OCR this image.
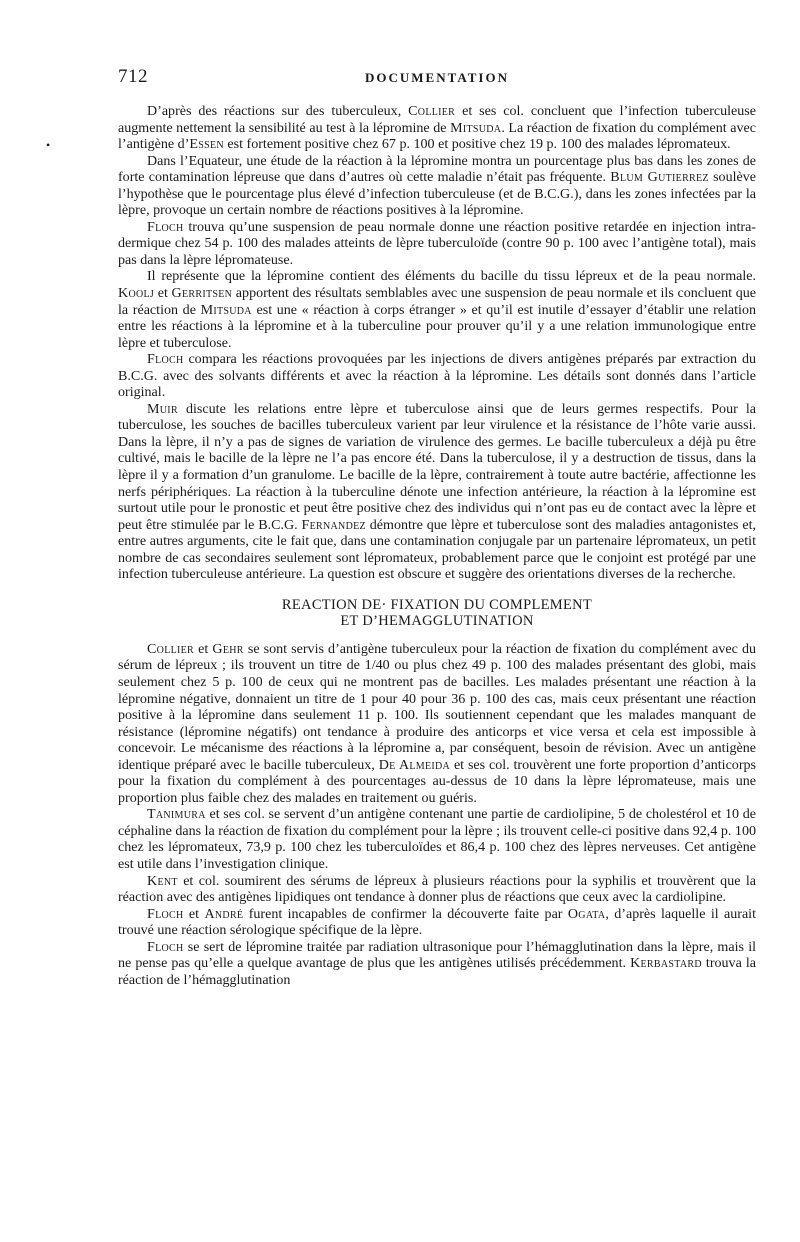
712	DOCUMENTATION
•

D’après des réactions sur des tuberculeux, Collier et ses col. concluent que l’infection tuberculeuse augmente nettement la sensibilité au test à la lépromine de Mitsuda. La réaction de fixation du complément avec l’antigène d’Essen est fortement positive chez 67 p. 100 et positive chez 19 p. 100 des malades lépromateux.

Dans l’Equateur, une étude de la réaction à la lépromine montra un pourcentage plus bas dans les zones de forte contamination lépreuse que dans d’autres où cette maladie n’était pas fréquente. Blum Gutierrez soulève l’hypothèse que le pourcentage plus élevé d’infection tuberculeuse (et de B.C.G.), dans les zones infectées par la lèpre, provoque un certain nombre de réactions positives à la lépromine.

Floch trouva qu’une suspension de peau normale donne une réaction positive retardée en injection intra-dermique chez 54 p. 100 des malades atteints de lèpre tuberculoïde (contre 90 p. 100 avec l’antigène total), mais pas dans la lèpre lépromateuse.

Il représente que la lépromine contient des éléments du bacille du tissu lépreux et de la peau normale. Koolj et Gerritsen apportent des résultats semblables avec une suspension de peau normale et ils concluent que la réaction de Mitsuda est une « réaction à corps étranger » et qu’il est inutile d’essayer d’établir une relation entre les réactions à la lépromine et à la tuberculine pour prouver qu’il y a une relation immunologique entre lèpre et tuberculose.

Floch compara les réactions provoquées par les injections de divers antigènes préparés par extraction du B.C.G. avec des solvants différents et avec la réaction à la lépromine. Les détails sont donnés dans l’article original.

Muir discute les relations entre lèpre et tuberculose ainsi que de leurs germes respectifs. Pour la tuberculose, les souches de bacilles tuberculeux varient par leur virulence et la résistance de l’hôte varie aussi. Dans la lèpre, il n’y a pas de signes de variation de virulence des germes. Le bacille tuberculeux a déjà pu être cultivé, mais le bacille de la lèpre ne l’a pas encore été. Dans la tuberculose, il y a destruction de tissus, dans la lèpre il y a formation d’un granulome. Le bacille de la lèpre, contrairement à toute autre bactérie, affectionne les nerfs périphériques. La réaction à la tuberculine dénote une infection antérieure, la réaction à la lépromine est surtout utile pour le pronostic et peut être positive chez des individus qui n’ont pas eu de contact avec la lèpre et peut être stimulée par le B.C.G. Fernandez démontre que lèpre et tuberculose sont des maladies antagonistes et, entre autres arguments, cite le fait que, dans une contamination conjugale par un partenaire lépromateux, un petit nombre de cas secondaires seulement sont lépromateux, probablement parce que le conjoint est protégé par une infection tuberculeuse antérieure. La question est obscure et suggère des orientations diverses de la recherche.

REACTION DE· FIXATION DU COMPLEMENT
ET D’HEMAGGLUTINATION

Collier et Gehr se sont servis d’antigène tuberculeux pour la réaction de fixation du complément avec du sérum de lépreux ; ils trouvent un titre de 1/40 ou plus chez 49 p. 100 des malades présentant des globi, mais seulement chez 5 p. 100 de ceux qui ne montrent pas de bacilles. Les malades présentant une réaction à la lépromine négative, donnaient un titre de 1 pour 40 pour 36 p. 100 des cas, mais ceux présentant une réaction positive à la lépromine dans seulement 11 p. 100. Ils soutiennent cependant que les malades manquant de résistance (lépromine négatifs) ont tendance à produire des anticorps et vice versa et cela est impossible à concevoir. Le mécanisme des réactions à la lépromine a, par conséquent, besoin de révision. Avec un antigène identique préparé avec le bacille tuberculeux, De Almeida et ses col. trouvèrent une forte proportion d’anticorps pour la fixation du complément à des pourcentages au-dessus de 10 dans la lèpre lépromateuse, mais une proportion plus faible chez des malades en traitement ou guéris.

Tanimura et ses col. se servent d’un antigène contenant une partie de cardiolipine, 5 de cholestérol et 10 de céphaline dans la réaction de fixation du complément pour la lèpre ; ils trouvent celle-ci positive dans 92,4 p. 100 chez les lépromateux, 73,9 p. 100 chez les tuberculoïdes et 86,4 p. 100 chez des lèpres nerveuses. Cet antigène est utile dans l’investigation clinique.

Kent et col. soumirent des sérums de lépreux à plusieurs réactions pour la syphilis et trouvèrent que la réaction avec des antigènes lipidiques ont tendance à donner plus de réactions que ceux avec la cardiolipine.

Floch et André furent incapables de confirmer la découverte faite par Ogata, d’après laquelle il aurait trouvé une réaction sérologique spécifique de la lèpre.

Floch se sert de lépromine traitée par radiation ultrasonique pour l’hémagglutination dans la lèpre, mais il ne pense pas qu’elle a quelque avantage de plus que les antigènes utilisés précédemment. Kerbastard trouva la réaction de l’hémagglutination
